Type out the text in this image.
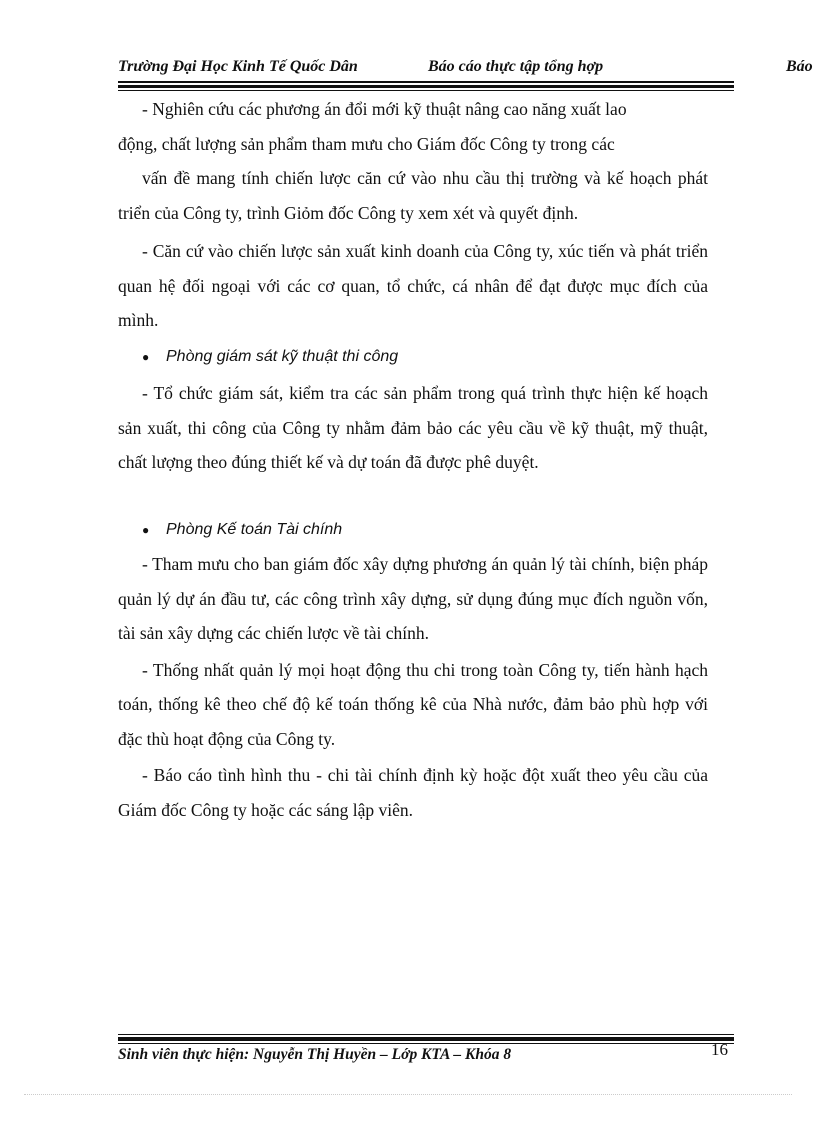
Trường Đại Học Kinh Tế Quốc Dân	Báo cáo thực tập tổng hợp	Báo

- Nghiên cứu các phương án đổi mới kỹ thuật nâng cao năng xuất lao

động, chất lượng sản phẩm tham mưu cho Giám đốc Công ty trong các

vấn đề mang tính chiến lược căn cứ vào nhu cầu thị trường và kế hoạch phát triển của Công ty, trình Giỏm đốc Công ty xem xét và quyết định.

- Căn cứ vào chiến lược sản xuất kinh doanh của Công ty, xúc tiến và phát triển quan hệ đối ngoại với các cơ quan, tổ chức, cá nhân để đạt được mục đích của mình.

● Phòng giám sát kỹ thuật thi công

- Tổ chức giám sát, kiểm tra các sản phẩm trong quá trình thực hiện kế hoạch sản xuất, thi công của Công ty nhằm đảm bảo các yêu cầu về kỹ thuật, mỹ thuật, chất lượng theo đúng thiết kế và dự toán đã được phê duyệt.

● Phòng Kế toán Tài chính

- Tham mưu cho ban giám đốc xây dựng phương án quản lý tài chính, biện pháp quản lý dự án đầu tư, các công trình xây dựng, sử dụng đúng mục đích nguồn vốn, tài sản xây dựng các chiến lược về tài chính.

- Thống nhất quản lý mọi hoạt động thu chi trong toàn Công ty, tiến hành hạch toán, thống kê theo chế độ kế toán thống kê của Nhà nước, đảm bảo phù hợp với đặc thù hoạt động của Công ty.

- Báo cáo tình hình thu - chi tài chính định kỳ hoặc đột xuất theo yêu cầu của Giám đốc Công ty hoặc các sáng lập viên.

Sinh viên thực hiện: Nguyễn Thị Huyền – Lớp KTA – Khóa 8	16
